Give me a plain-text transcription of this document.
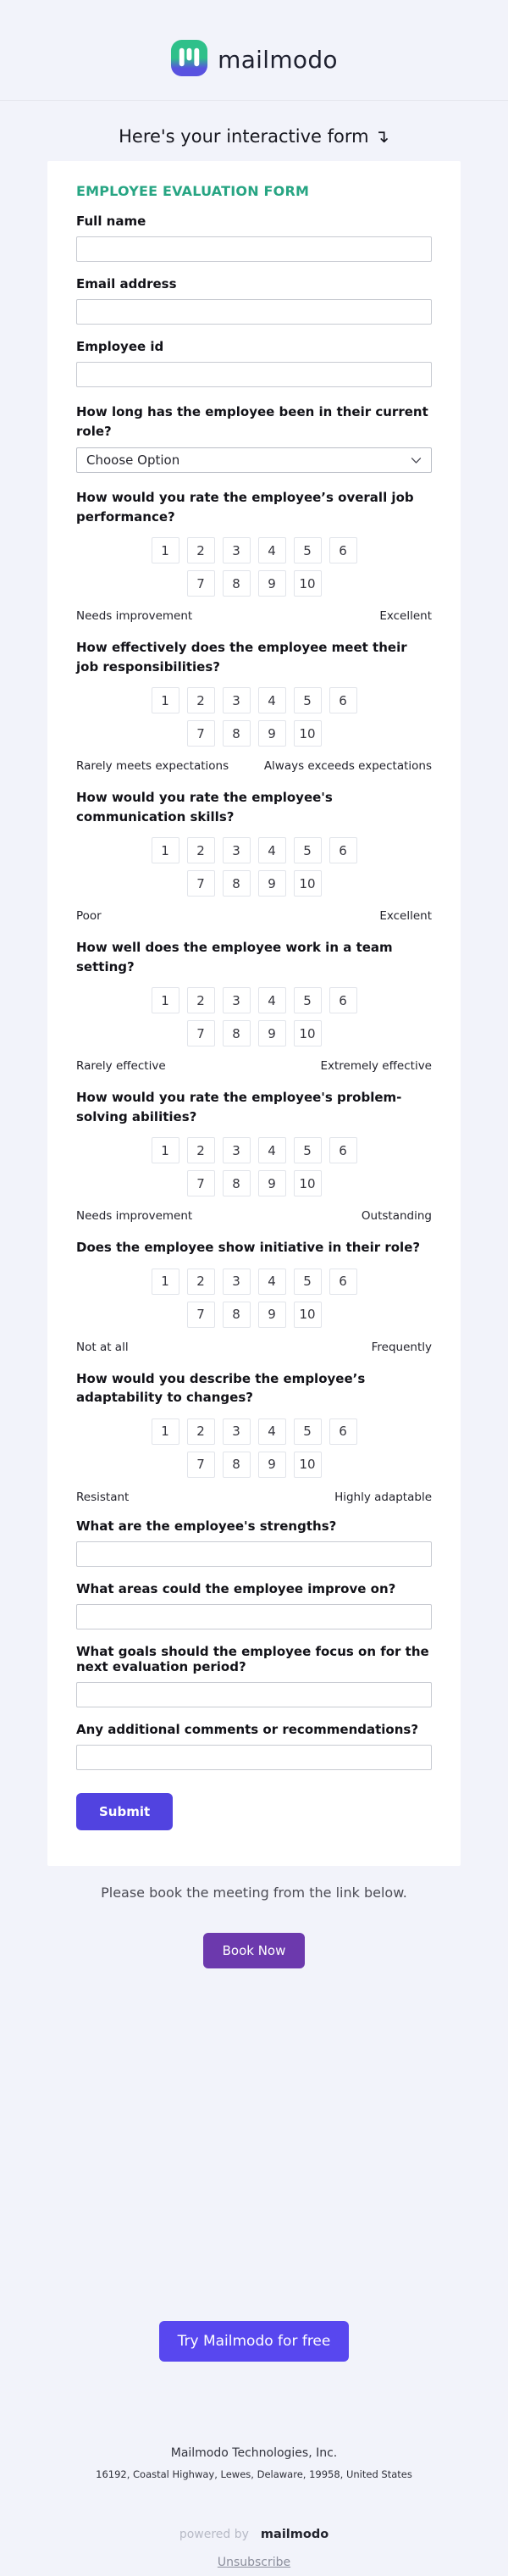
mailmodo
Here's your interactive form ↴
EMPLOYEE EVALUATION FORM
Full name
Email address
Employee id
How long has the employee been in their current role?
Choose Option
How would you rate the employee’s overall job performance?
1	2	3	4	5	6
7	8	9	10
Needs improvement	Excellent
How effectively does the employee meet their job responsibilities?
1	2	3	4	5	6
7	8	9	10
Rarely meets expectations	Always exceeds expectations
How would you rate the employee's communication skills?
1	2	3	4	5	6
7	8	9	10
Poor	Excellent
How well does the employee work in a team setting?
1	2	3	4	5	6
7	8	9	10
Rarely effective	Extremely effective
How would you rate the employee's problem-solving abilities?
1	2	3	4	5	6
7	8	9	10
Needs improvement	Outstanding
Does the employee show initiative in their role?
1	2	3	4	5	6
7	8	9	10
Not at all	Frequently
How would you describe the employee’s adaptability to changes?
1	2	3	4	5	6
7	8	9	10
Resistant	Highly adaptable
What are the employee's strengths?
What areas could the employee improve on?
What goals should the employee focus on for the next evaluation period?
Any additional comments or recommendations?
Submit
Please book the meeting from the link below.
Book Now
Try Mailmodo for free
Mailmodo Technologies, Inc.
16192, Coastal Highway, Lewes, Delaware, 19958, United States
powered by mailmodo
Unsubscribe
